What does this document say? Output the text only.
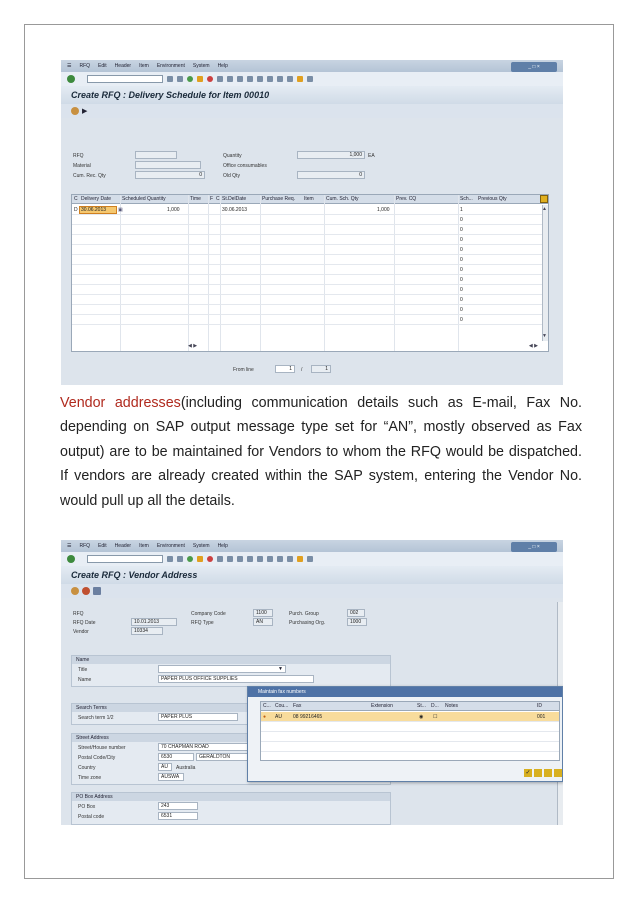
☰ RFQ Edit Header Item Environment System Help	_ □ ×
Create RFQ : Delivery Schedule for Item 00010
▶
RFQ
Material
Cum. Rec. Qty	0
Quantity	1,000	EA
Office consumables
Old Qty	0
C Delivery Date Scheduled Quantity	Time F C St.DelDate	Purchase Req. Item Cum. Sch. Qty	Prev. CQ	Sch... Previous Qty
D 30.06.2013 ▣	1,000	30.06.2013	1,000	1
0
0
0
0
0
0
0
0
0
0
0
▲
▼
◀ ▶	◀ ▶
From line	1	/	1
Vendor addresses(including communication details such as E-mail, Fax No. depending on SAP output message type set for “AN”, mostly observed as Fax output) are to be maintained for Vendors to whom the RFQ would be dispatched. If vendors are already created within the SAP system, entering the Vendor No. would pull up all the details.
☰ RFQ Edit Header Item Environment System Help	_ □ ×
Create RFQ : Vendor Address
RFQ
RFQ Date	10.01.2013
Vendor	10334
Company Code	1100
RFQ Type	AN
Purch. Group	002
Purchasing Org.	1000
Name
Title	▼
Name	PAPER PLUS OFFICE SUPPLIES
Search Terms
Search term 1/2	PAPER PLUS
Street Address
Street/House number	70 CHAPMAN ROAD
Postal Code/City	6530	GERALDTON
Country	AU	Australia
Time zone	AUSWA
PO Box Address
PO Box	243
Postal code	6531
Maintain fax numbers
C... Cou... Fax	Extension	St... D... Notes	ID
● AU 08 99216465	◉ ☐	001
✓
